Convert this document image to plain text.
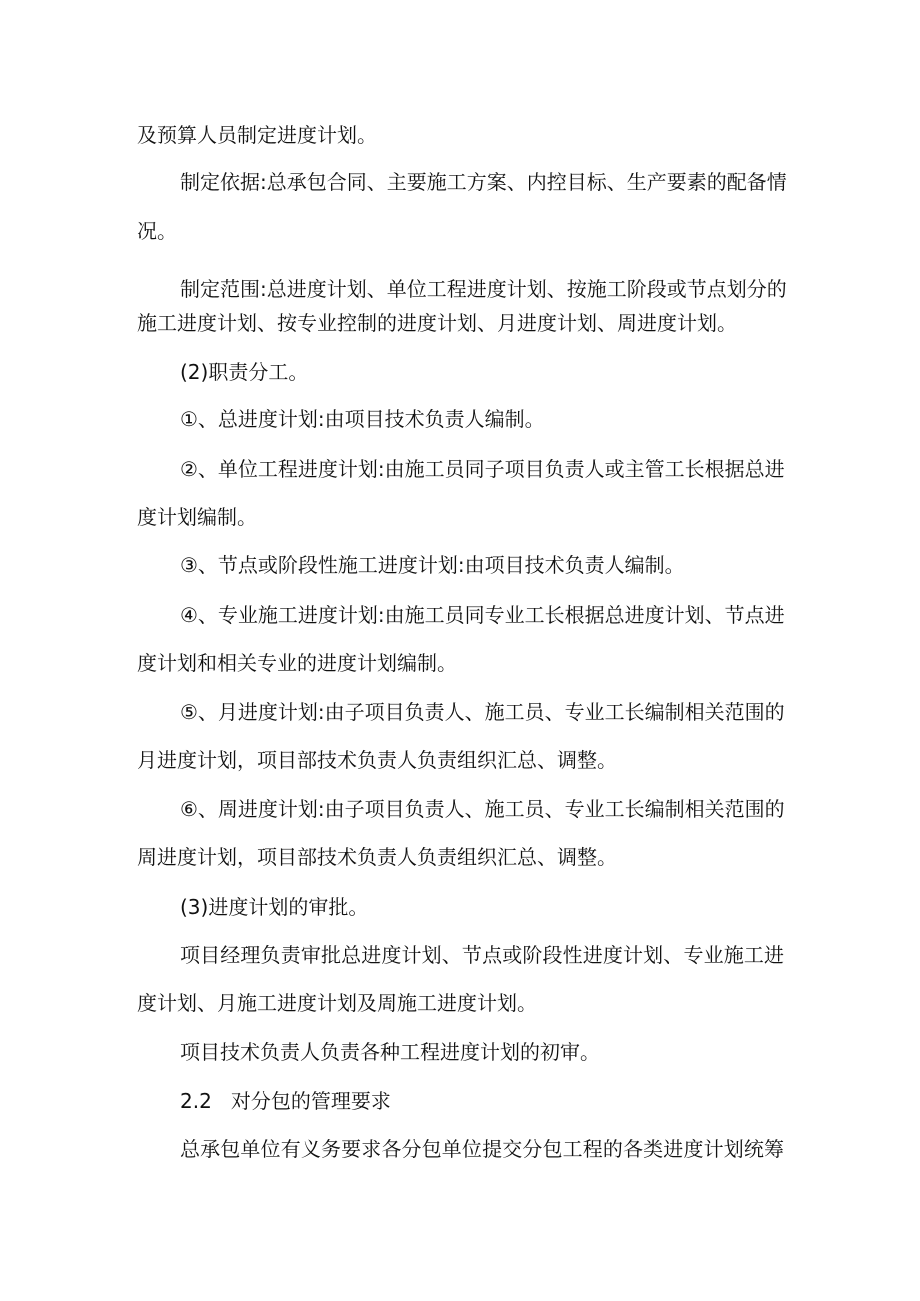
及预算人员制定进度计划。
制定依据:总承包合同、主要施工方案、内控目标、生产要素的配备情
况。
制定范围:总进度计划、单位工程进度计划、按施工阶段或节点划分的
施工进度计划、按专业控制的进度计划、月进度计划、周进度计划。
(2)职责分工。
①、总进度计划:由项目技术负责人编制。
②、单位工程进度计划:由施工员同子项目负责人或主管工长根据总进
度计划编制。
③、节点或阶段性施工进度计划:由项目技术负责人编制。
④、专业施工进度计划:由施工员同专业工长根据总进度计划、节点进
度计划和相关专业的进度计划编制。
⑤、月进度计划:由子项目负责人、施工员、专业工长编制相关范围的
月进度计划，项目部技术负责人负责组织汇总、调整。
⑥、周进度计划:由子项目负责人、施工员、专业工长编制相关范围的
周进度计划，项目部技术负责人负责组织汇总、调整。
(3)进度计划的审批。
项目经理负责审批总进度计划、节点或阶段性进度计划、专业施工进
度计划、月施工进度计划及周施工进度计划。
项目技术负责人负责各种工程进度计划的初审。
2.2   对分包的管理要求
总承包单位有义务要求各分包单位提交分包工程的各类进度计划统筹
